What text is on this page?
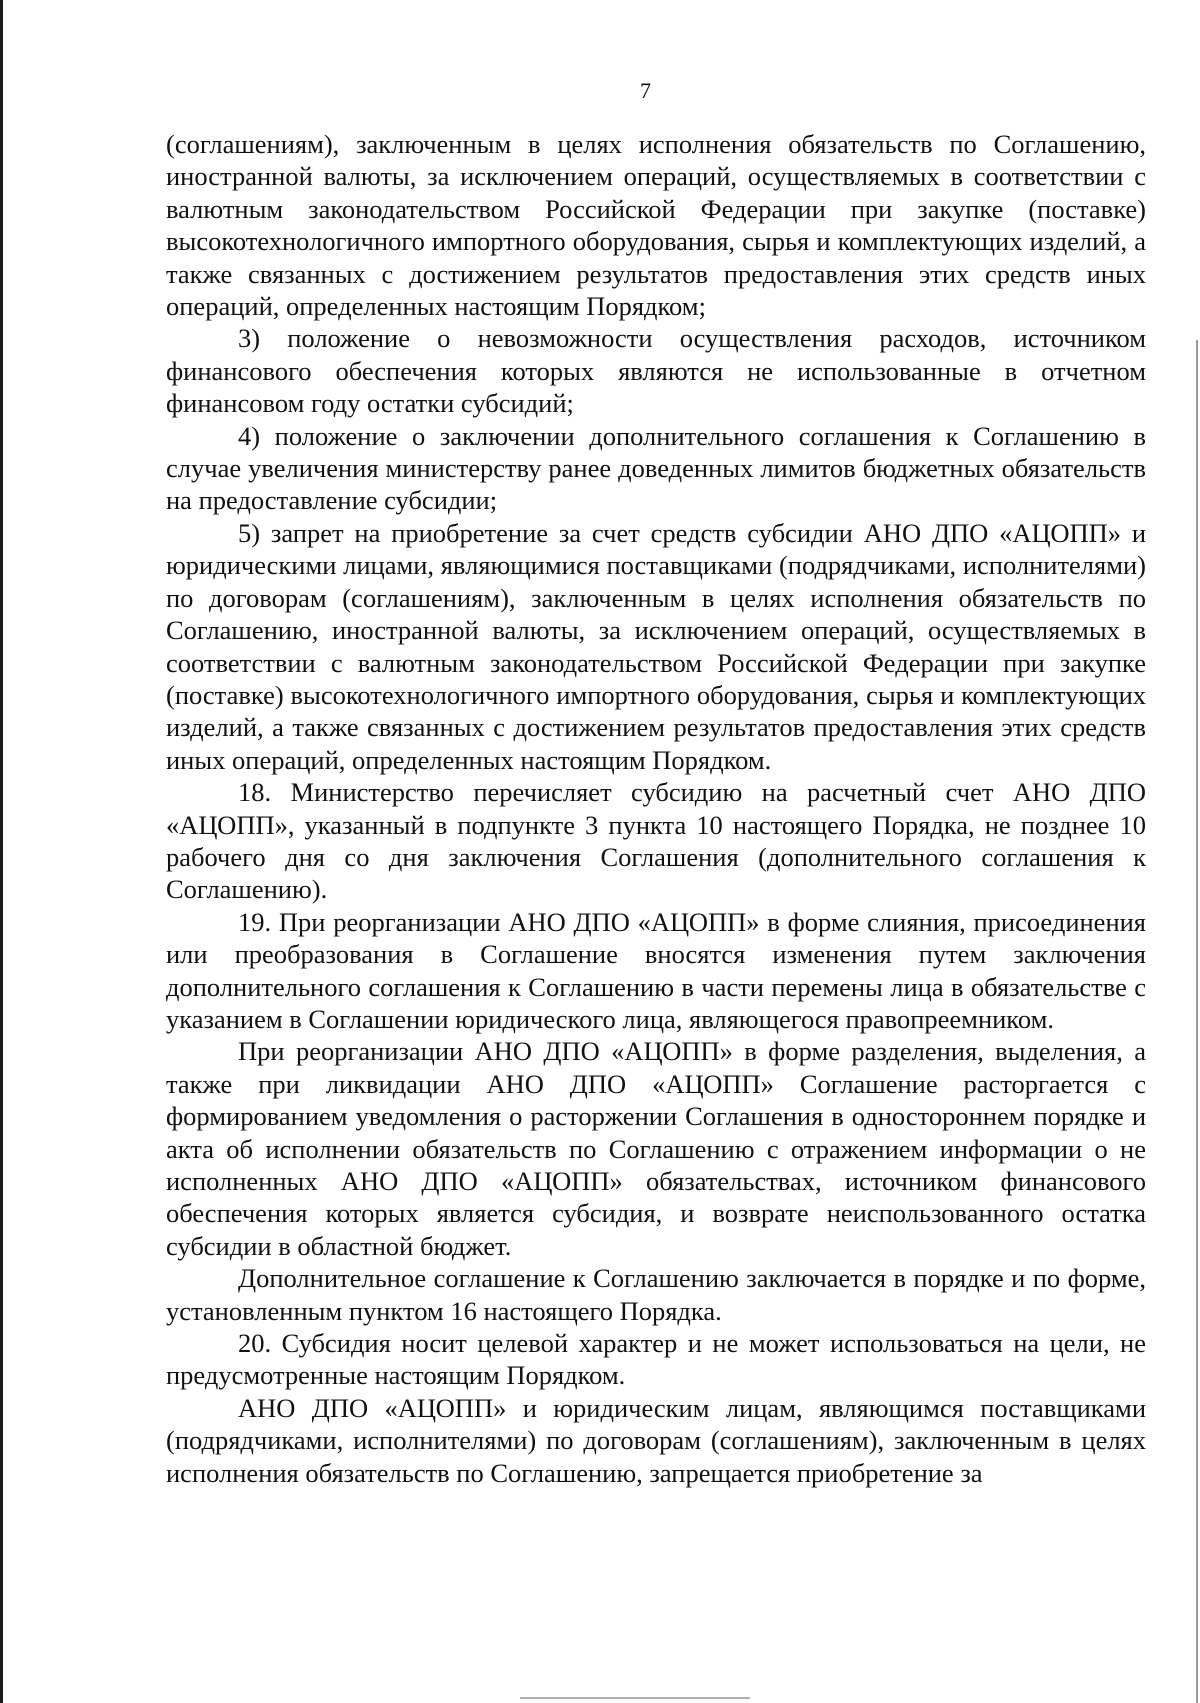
7

(соглашениям), заключенным в целях исполнения обязательств по Соглашению, иностранной валюты, за исключением операций, осуществляемых в соответствии с валютным законодательством Российской Федерации при закупке (поставке) высокотехнологичного импортного оборудования, сырья и комплектующих изделий, а также связанных с достижением результатов предоставления этих средств иных операций, определенных настоящим Порядком;

3) положение о невозможности осуществления расходов, источником финансового обеспечения которых являются не использованные в отчетном финансовом году остатки субсидий;

4) положение о заключении дополнительного соглашения к Соглашению в случае увеличения министерству ранее доведенных лимитов бюджетных обязательств на предоставление субсидии;

5) запрет на приобретение за счет средств субсидии АНО ДПО «АЦОПП» и юридическими лицами, являющимися поставщиками (подрядчиками, исполнителями) по договорам (соглашениям), заключенным в целях исполнения обязательств по Соглашению, иностранной валюты, за исключением операций, осуществляемых в соответствии с валютным законодательством Российской Федерации при закупке (поставке) высокотехнологичного импортного оборудования, сырья и комплектующих изделий, а также связанных с достижением результатов предоставления этих средств иных операций, определенных настоящим Порядком.

18. Министерство перечисляет субсидию на расчетный счет АНО ДПО «АЦОПП», указанный в подпункте 3 пункта 10 настоящего Порядка, не позднее 10 рабочего дня со дня заключения Соглашения (дополнительного соглашения к Соглашению).

19. При реорганизации АНО ДПО «АЦОПП» в форме слияния, присоединения или преобразования в Соглашение вносятся изменения путем заключения дополнительного соглашения к Соглашению в части перемены лица в обязательстве с указанием в Соглашении юридического лица, являющегося правопреемником.

При реорганизации АНО ДПО «АЦОПП» в форме разделения, выделения, а также при ликвидации АНО ДПО «АЦОПП» Соглашение расторгается с формированием уведомления о расторжении Соглашения в одностороннем порядке и акта об исполнении обязательств по Соглашению с отражением информации о не исполненных АНО ДПО «АЦОПП» обязательствах, источником финансового обеспечения которых является субсидия, и возврате неиспользованного остатка субсидии в областной бюджет.

Дополнительное соглашение к Соглашению заключается в порядке и по форме, установленным пунктом 16 настоящего Порядка.

20. Субсидия носит целевой характер и не может использоваться на цели, не предусмотренные настоящим Порядком.

АНО ДПО «АЦОПП» и юридическим лицам, являющимся поставщиками (подрядчиками, исполнителями) по договорам (соглашениям), заключенным в целях исполнения обязательств по Соглашению, запрещается приобретение за
